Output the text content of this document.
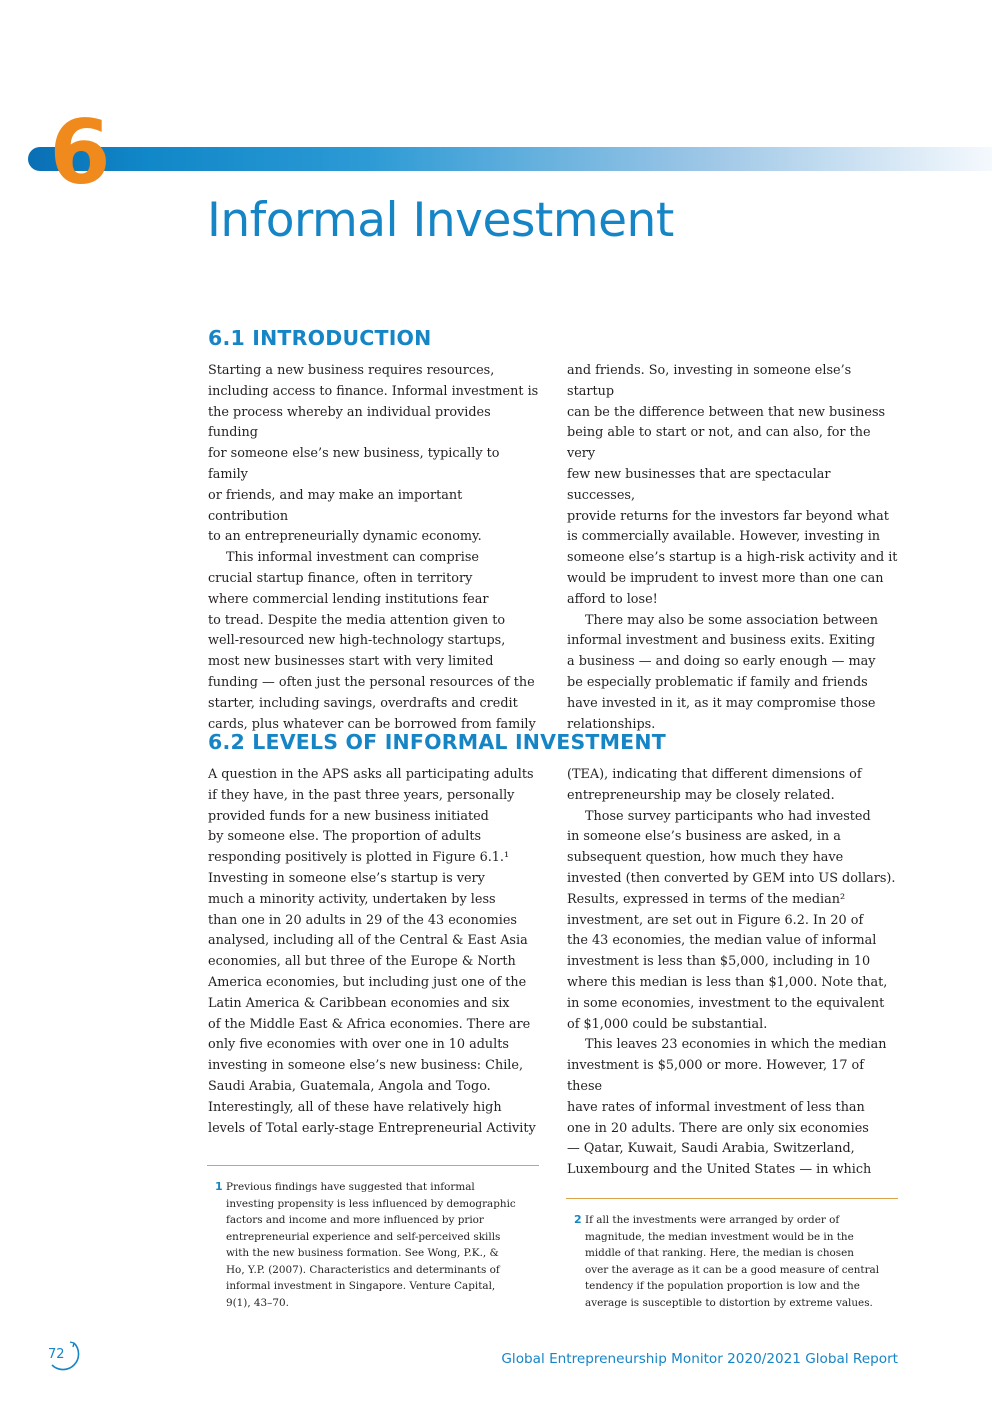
6
Informal Investment
6.1 INTRODUCTION

Starting a new business requires resources,
including access to finance. Informal investment is
the process whereby an individual provides funding
for someone else’s new business, typically to family
or friends, and may make an important contribution
to an entrepreneurially dynamic economy.

This informal investment can comprise
crucial startup finance, often in territory
where commercial lending institutions fear
to tread. Despite the media attention given to
well-resourced new high-technology startups,
most new businesses start with very limited
funding — often just the personal resources of the
starter, including savings, overdrafts and credit
cards, plus whatever can be borrowed from family

and friends. So, investing in someone else’s startup
can be the difference between that new business
being able to start or not, and can also, for the very
few new businesses that are spectacular successes,
provide returns for the investors far beyond what
is commercially available. However, investing in
someone else’s startup is a high-risk activity and it
would be imprudent to invest more than one can
afford to lose!

There may also be some association between
informal investment and business exits. Exiting
a business — and doing so early enough — may
be especially problematic if family and friends
have invested in it, as it may compromise those
relationships.

6.2 LEVELS OF INFORMAL INVESTMENT

A question in the APS asks all participating adults
if they have, in the past three years, personally
provided funds for a new business initiated
by someone else. The proportion of adults
responding positively is plotted in Figure 6.1.¹
Investing in someone else’s startup is very
much a minority activity, undertaken by less
than one in 20 adults in 29 of the 43 economies
analysed, including all of the Central & East Asia
economies, all but three of the Europe & North
America economies, but including just one of the
Latin America & Caribbean economies and six
of the Middle East & Africa economies. There are
only five economies with over one in 10 adults
investing in someone else’s new business: Chile,
Saudi Arabia, Guatemala, Angola and Togo.
Interestingly, all of these have relatively high
levels of Total early-stage Entrepreneurial Activity

(TEA), indicating that different dimensions of
entrepreneurship may be closely related.

Those survey participants who had invested
in someone else’s business are asked, in a
subsequent question, how much they have
invested (then converted by GEM into US dollars).
Results, expressed in terms of the median²
investment, are set out in Figure 6.2. In 20 of
the 43 economies, the median value of informal
investment is less than $5,000, including in 10
where this median is less than $1,000. Note that,
in some economies, investment to the equivalent
of $1,000 could be substantial.

This leaves 23 economies in which the median
investment is $5,000 or more. However, 17 of these
have rates of informal investment of less than
one in 20 adults. There are only six economies
— Qatar, Kuwait, Saudi Arabia, Switzerland,
Luxembourg and the United States — in which

1 Previous findings have suggested that informal
investing propensity is less influenced by demographic
factors and income and more influenced by prior
entrepreneurial experience and self-perceived skills
with the new business formation. See Wong, P.K., &
Ho, Y.P. (2007). Characteristics and determinants of
informal investment in Singapore. Venture Capital,
9(1), 43–70.
2 If all the investments were arranged by order of
magnitude, the median investment would be in the
middle of that ranking. Here, the median is chosen
over the average as it can be a good measure of central
tendency if the population proportion is low and the
average is susceptible to distortion by extreme values.
72	Global Entrepreneurship Monitor 2020/2021 Global Report
